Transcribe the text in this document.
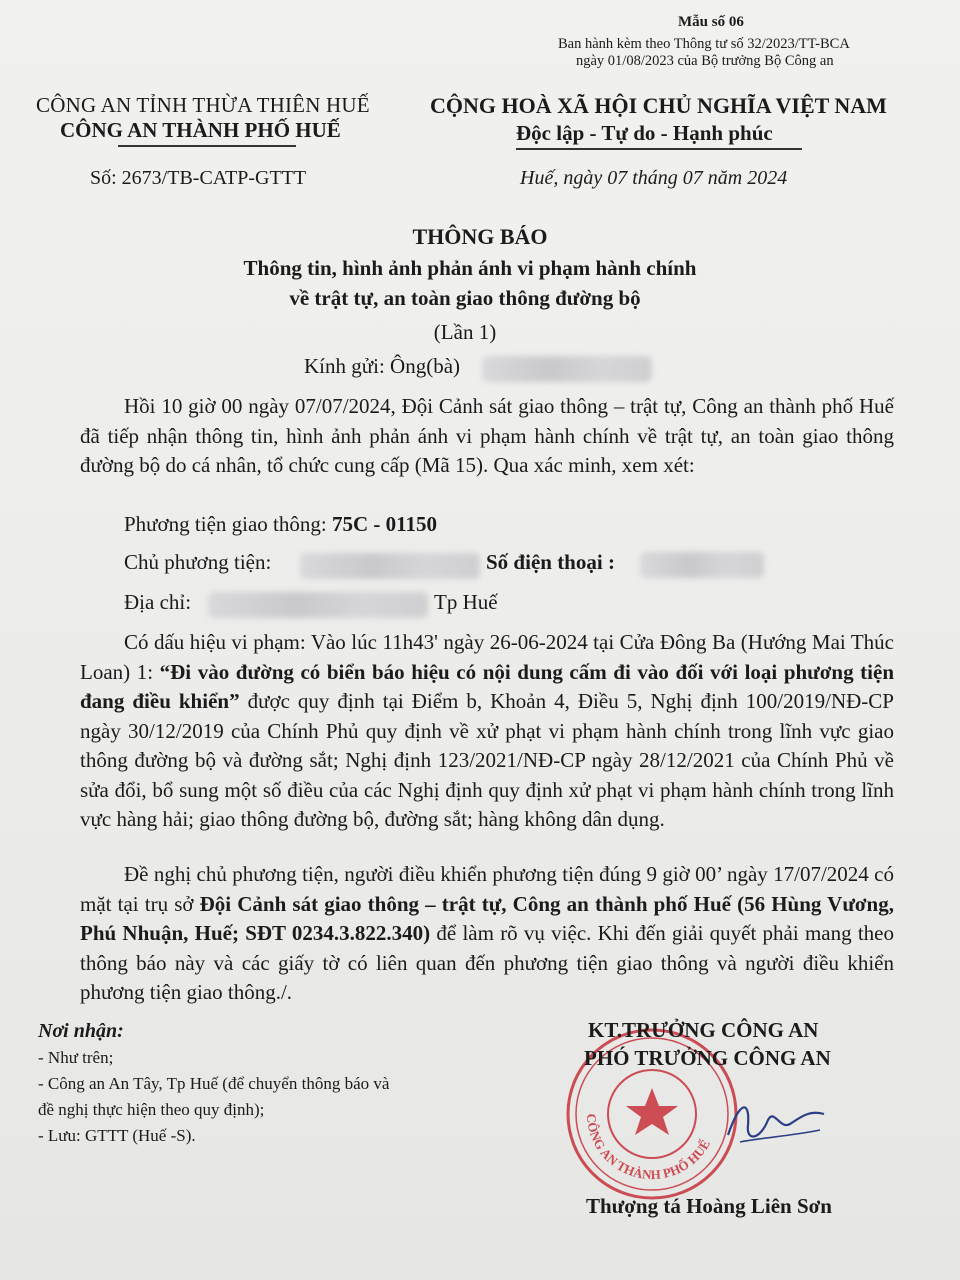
Mẫu số 06
Ban hành kèm theo Thông tư số 32/2023/TT-BCA
ngày 01/08/2023 của Bộ trưởng Bộ Công an
CÔNG AN TỈNH THỪA THIÊN HUẾ
CÔNG AN THÀNH PHỐ HUẾ
CỘNG HOÀ XÃ HỘI CHỦ NGHĨA VIỆT NAM
Độc lập - Tự do - Hạnh phúc
Số: 2673/TB-CATP-GTTT	Huế, ngày 07 tháng 07 năm 2024
THÔNG BÁO
Thông tin, hình ảnh phản ánh vi phạm hành chính
về trật tự, an toàn giao thông đường bộ
(Lần 1)
Kính gửi: Ông(bà)
Hồi 10 giờ 00 ngày 07/07/2024, Đội Cảnh sát giao thông – trật tự, Công an thành phố Huế đã tiếp nhận thông tin, hình ảnh phản ánh vi phạm hành chính về trật tự, an toàn giao thông đường bộ do cá nhân, tổ chức cung cấp (Mã 15). Qua xác minh, xem xét:
Phương tiện giao thông: 75C - 01150
Chủ phương tiện:	Số điện thoại :
Địa chỉ:	Tp Huế
Có dấu hiệu vi phạm: Vào lúc 11h43' ngày 26-06-2024 tại Cửa Đông Ba (Hướng Mai Thúc Loan) 1: “Đi vào đường có biển báo hiệu có nội dung cấm đi vào đối với loại phương tiện đang điều khiển” được quy định tại Điểm b, Khoản 4, Điều 5, Nghị định 100/2019/NĐ-CP ngày 30/12/2019 của Chính Phủ quy định về xử phạt vi phạm hành chính trong lĩnh vực giao thông đường bộ và đường sắt; Nghị định 123/2021/NĐ-CP ngày 28/12/2021 của Chính Phủ về sửa đổi, bổ sung một số điều của các Nghị định quy định xử phạt vi phạm hành chính trong lĩnh vực hàng hải; giao thông đường bộ, đường sắt; hàng không dân dụng.
Đề nghị chủ phương tiện, người điều khiển phương tiện đúng 9 giờ 00’ ngày 17/07/2024 có mặt tại trụ sở Đội Cảnh sát giao thông – trật tự, Công an thành phố Huế (56 Hùng Vương, Phú Nhuận, Huế; SĐT 0234.3.822.340) để làm rõ vụ việc. Khi đến giải quyết phải mang theo thông báo này và các giấy tờ có liên quan đến phương tiện giao thông và người điều khiển phương tiện giao thông./.
Nơi nhận:
- Như trên;
- Công an An Tây, Tp Huế (để chuyển thông báo và
đề nghị thực hiện theo quy định);
- Lưu: GTTT (Huế -S).
CÔNG AN THÀNH PHỐ HUẾ
KT.TRƯỞNG CÔNG AN
PHÓ TRƯỞNG CÔNG AN
Thượng tá Hoàng Liên Sơn
